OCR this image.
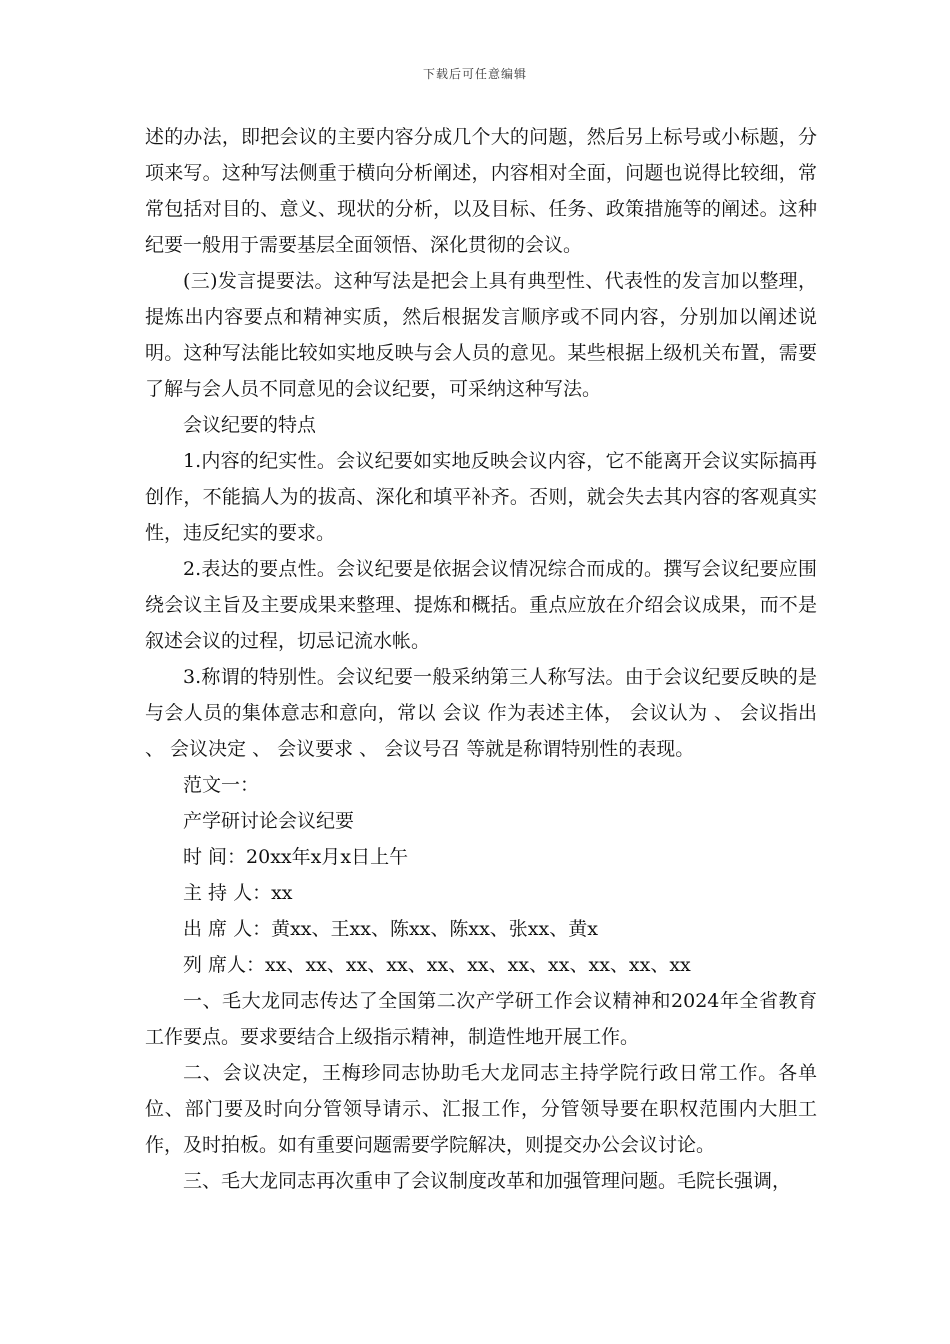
下载后可任意编辑

述的办法，即把会议的主要内容分成几个大的问题，然后另上标号或小标题，分项来写。这种写法侧重于横向分析阐述，内容相对全面，问题也说得比较细，常常包括对目的、意义、现状的分析，以及目标、任务、政策措施等的阐述。这种纪要一般用于需要基层全面领悟、深化贯彻的会议。

(三)发言提要法。这种写法是把会上具有典型性、代表性的发言加以整理，提炼出内容要点和精神实质，然后根据发言顺序或不同内容，分别加以阐述说明。这种写法能比较如实地反映与会人员的意见。某些根据上级机关布置，需要了解与会人员不同意见的会议纪要，可采纳这种写法。

会议纪要的特点

1.内容的纪实性。会议纪要如实地反映会议内容，它不能离开会议实际搞再创作，不能搞人为的拔高、深化和填平补齐。否则，就会失去其内容的客观真实性，违反纪实的要求。

2.表达的要点性。会议纪要是依据会议情况综合而成的。撰写会议纪要应围绕会议主旨及主要成果来整理、提炼和概括。重点应放在介绍会议成果，而不是叙述会议的过程，切忌记流水帐。

3.称谓的特别性。会议纪要一般采纳第三人称写法。由于会议纪要反映的是与会人员的集体意志和意向，常以 会议 作为表述主体， 会议认为 、 会议指出 、 会议决定 、 会议要求 、 会议号召 等就是称谓特别性的表现。

范文一：

产学研讨论会议纪要

时 间：20xx年x月x日上午

主 持 人：xx

出 席 人：黄xx、王xx、陈xx、陈xx、张xx、黄x

列 席人：xx、xx、xx、xx、xx、xx、xx、xx、xx、xx、xx

一、毛大龙同志传达了全国第二次产学研工作会议精神和2024年全省教育工作要点。要求要结合上级指示精神，制造性地开展工作。

二、会议决定，王梅珍同志协助毛大龙同志主持学院行政日常工作。各单位、部门要及时向分管领导请示、汇报工作，分管领导要在职权范围内大胆工作，及时拍板。如有重要问题需要学院解决，则提交办公会议讨论。

三、毛大龙同志再次重申了会议制度改革和加强管理问题。毛院长强调，
